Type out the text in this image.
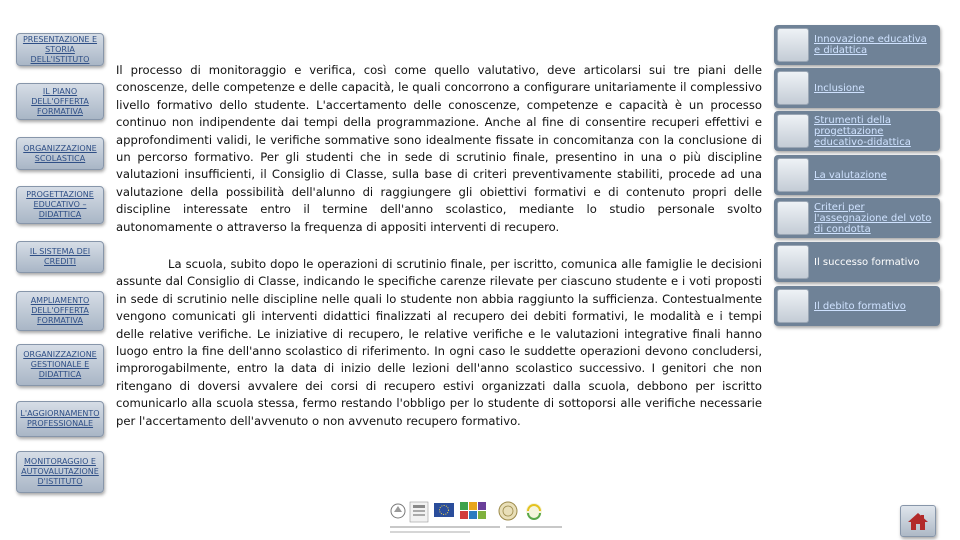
PRESENTAZIONE E STORIA DELL'ISTITUTO
IL PIANO DELL'OFFERTA FORMATIVA
ORGANIZZAZIONE SCOLASTICA
PROGETTAZIONE EDUCATIVO – DIDATTICA
IL SISTEMA DEI CREDITI
AMPLIAMENTO DELL'OFFERTA FORMATIVA
ORGANIZZAZIONE GESTIONALE E DIDATTICA
L'AGGIORNAMENTO PROFESSIONALE
MONITORAGGIO E AUTOVALUTAZIONE D'ISTITUTO

Il processo di monitoraggio e verifica, così come quello valutativo, deve articolarsi sui tre piani delle conoscenze, delle competenze e delle capacità, le quali concorrono a configurare unitariamente il complessivo livello formativo dello studente. L'accertamento delle conoscenze, competenze e capacità è un processo continuo non indipendente dai tempi della programmazione. Anche al fine di consentire recuperi effettivi e approfondimenti validi, le verifiche sommative sono idealmente fissate in concomitanza con la conclusione di un percorso formativo. Per gli studenti che in sede di scrutinio finale, presentino in una o più discipline valutazioni insufficienti, il Consiglio di Classe, sulla base di criteri preventivamente stabiliti, procede ad una valutazione della possibilità dell'alunno di raggiungere gli obiettivi formativi e di contenuto propri delle discipline interessate entro il termine dell'anno scolastico, mediante lo studio personale svolto autonomamente o attraverso la frequenza di appositi interventi di recupero.

La scuola, subito dopo le operazioni di scrutinio finale, per iscritto, comunica alle famiglie le decisioni assunte dal Consiglio di Classe, indicando le specifiche carenze rilevate per ciascuno studente e i voti proposti in sede di scrutinio nelle discipline nelle quali lo studente non abbia raggiunto la sufficienza. Contestualmente vengono comunicati gli interventi didattici finalizzati al recupero dei debiti formativi, le modalità e i tempi delle relative verifiche. Le iniziative di recupero, le relative verifiche e le valutazioni integrative finali hanno luogo entro la fine dell'anno scolastico di riferimento. In ogni caso le suddette operazioni devono concludersi, improrogabilmente, entro la data di inizio delle lezioni dell'anno scolastico successivo. I genitori che non ritengano di doversi avvalere dei corsi di recupero estivi organizzati dalla scuola, debbono per iscritto comunicarlo alla scuola stessa, fermo restando l'obbligo per lo studente di sottoporsi alle verifiche necessarie per l'accertamento dell'avvenuto o non avvenuto recupero formativo.

Innovazione educativa e didattica
Inclusione
Strumenti della progettazione educativo-didattica
La valutazione
Criteri per l'assegnazione del voto di condotta
Il successo formativo
Il debito formativo
